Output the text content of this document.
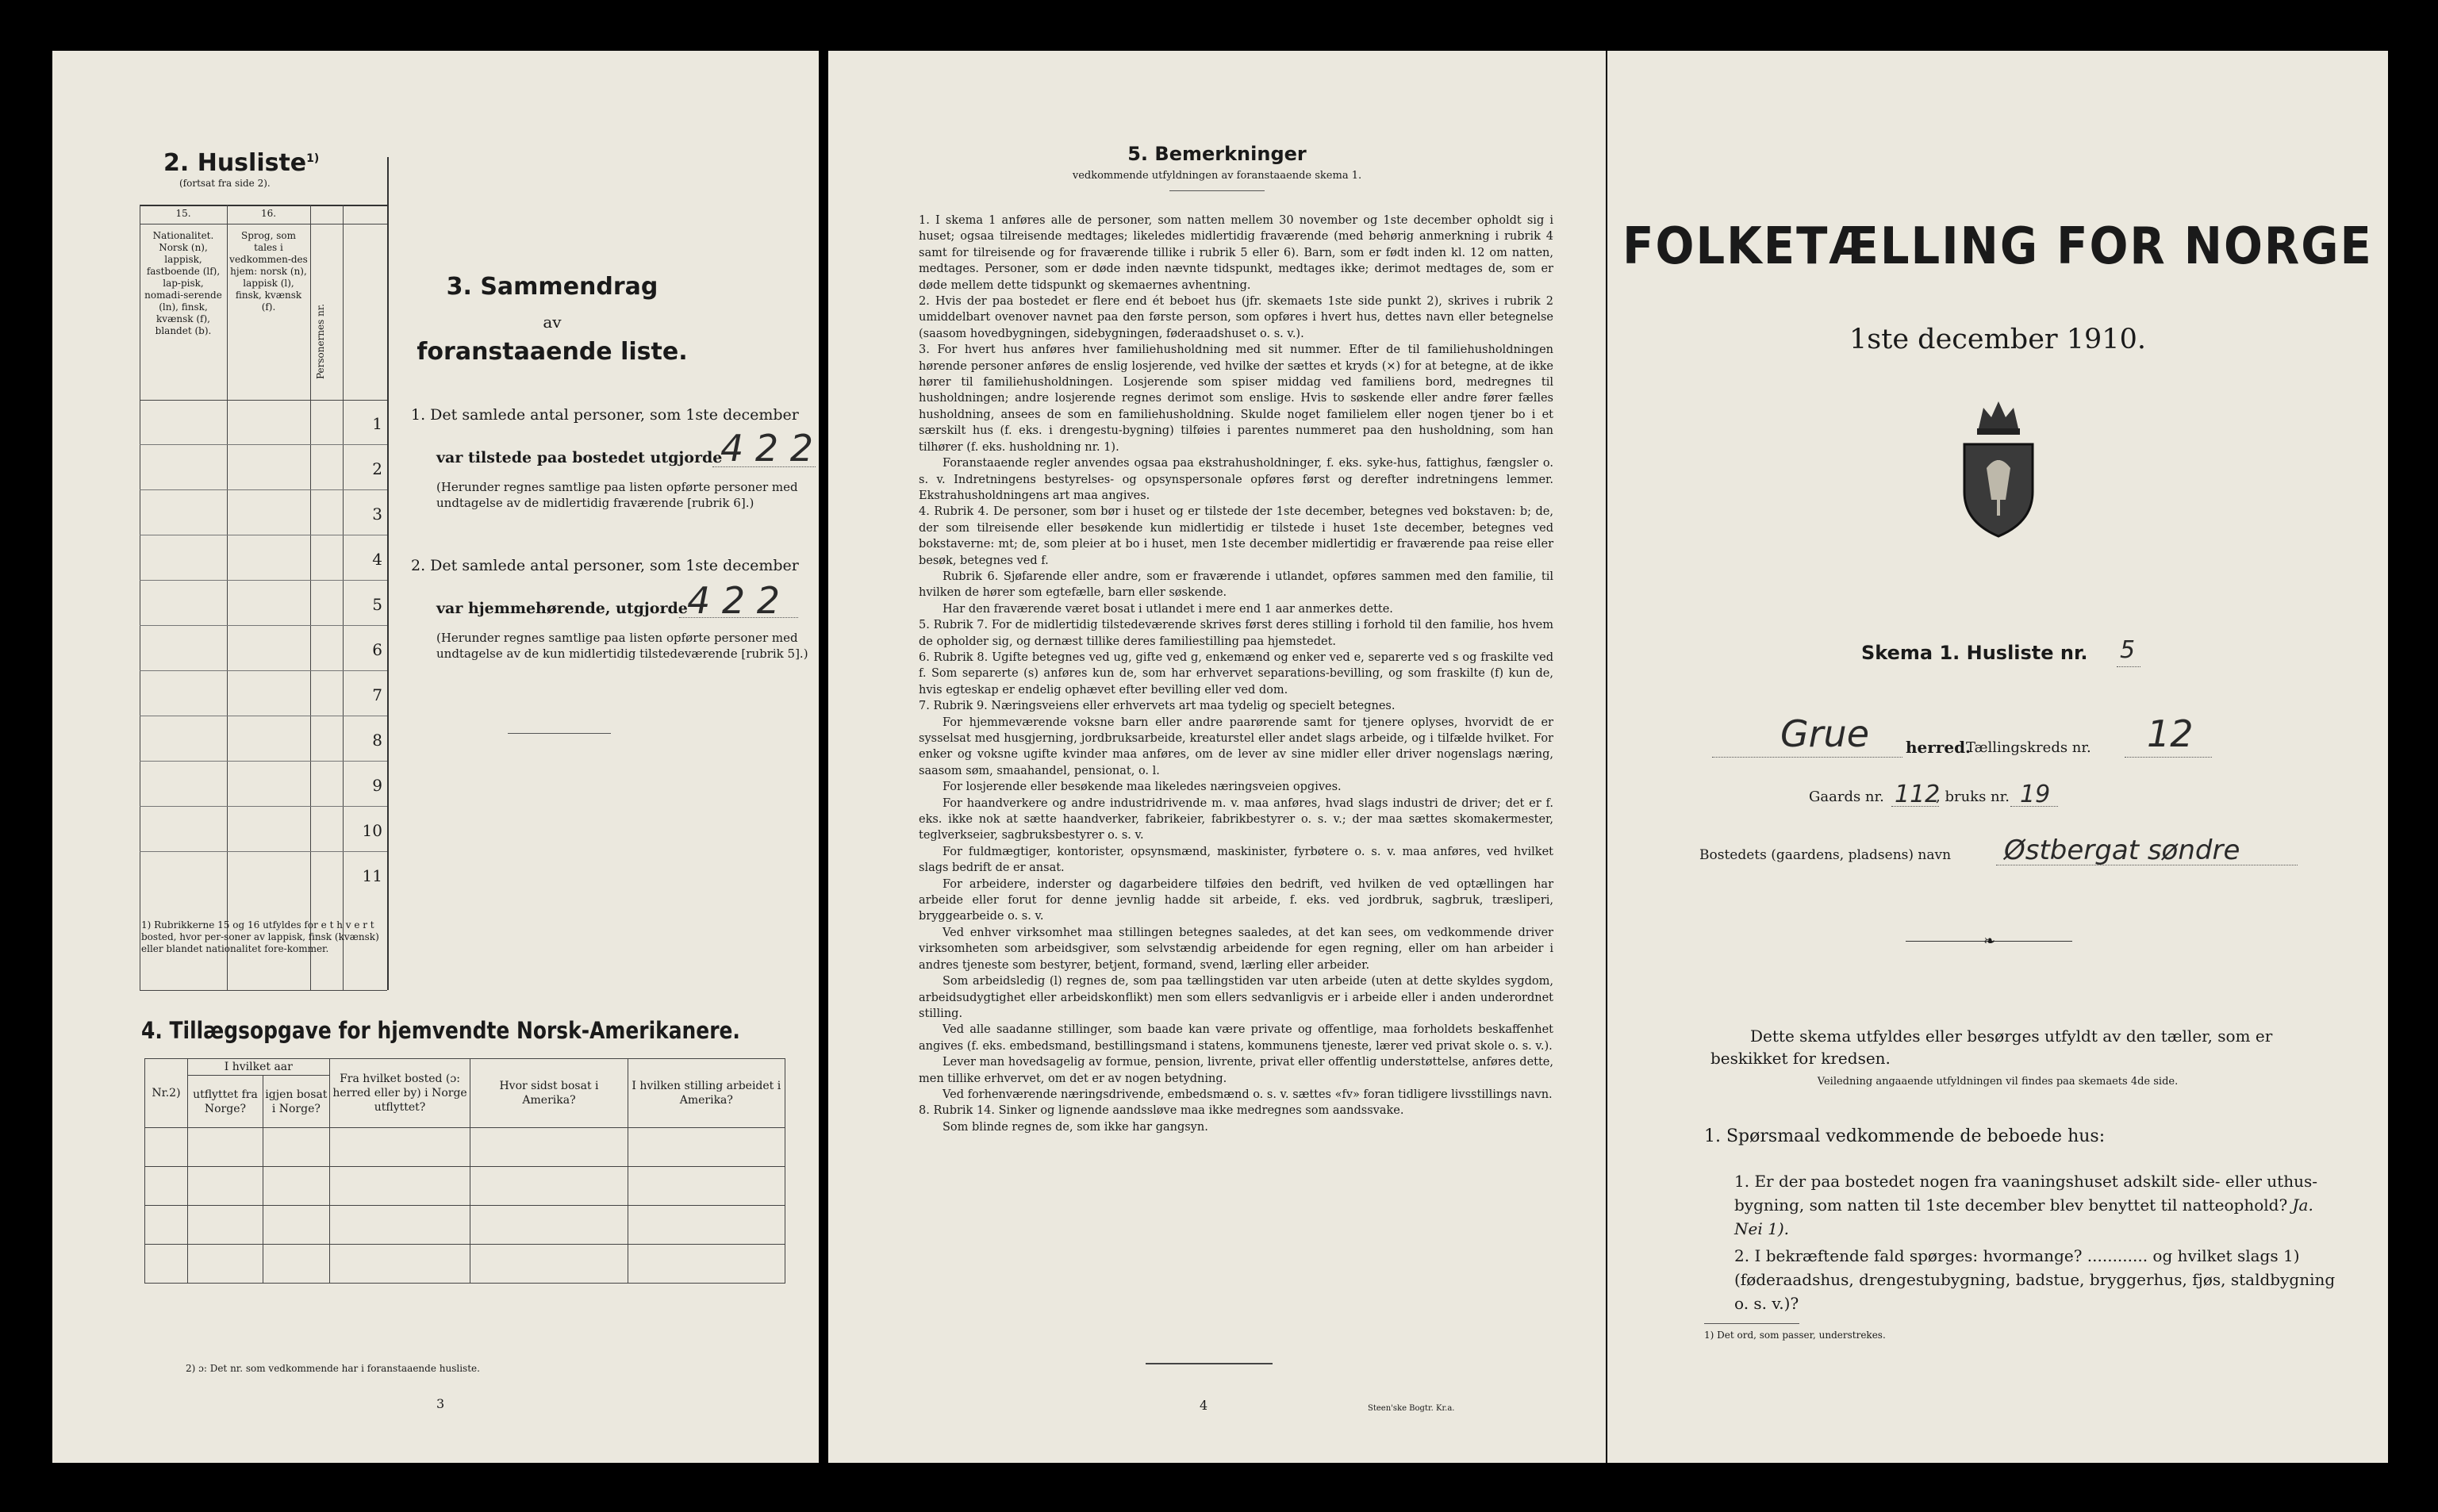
2. Husliste$^{1)}$
(fortsat fra side 2).
15.	16.
Nationalitet. Norsk (n), lappisk, fastboende (lf), lap-pisk, nomadi-serende (ln), finsk, kvænsk (f), blandet (b).
Sprog, som tales i vedkommen-des hjem: norsk (n), lappisk (l), finsk, kvænsk (f).	Personernes nr.
1
2
3
4
5
6
7
8
9
10
11
1) Rubrikkerne 15 og 16 utfyldes for e t h v e r t bosted, hvor per-soner av lappisk, finsk (kvænsk) eller blandet nationalitet fore-kommer.
3. Sammendrag
av
foranstaaende liste.
1. Det samlede antal personer, som 1ste december
var tilstede paa bostedet utgjorde
4 2 2
(Herunder regnes samtlige paa listen opførte personer med undtagelse av de midlertidig fraværende [rubrik 6].)
2. Det samlede antal personer, som 1ste december
var hjemmehørende, utgjorde 4 2 2
(Herunder regnes samtlige paa listen opførte personer med undtagelse av de kun midlertidig tilstedeværende [rubrik 5].)
4. Tillægsopgave for hjemvendte Norsk-Amerikanere.
Nr.2)	I hvilket aar		Fra hvilket bosted (ɔ: herred eller by) i Norge utflyttet?	Hvor sidst bosat i Amerika?	I hvilken stilling arbeidet i Amerika?
	utflyttet fra Norge?	igjen bosat i Norge?			

2) ɔ: Det nr. som vedkommende har i foranstaaende husliste.
3
5. Bemerkninger
vedkommende utfyldningen av foranstaaende skema 1.

1. I skema 1 anføres alle de personer, som natten mellem 30 november og 1ste december opholdt sig i huset; ogsaa tilreisende medtages; likeledes midlertidig fraværende (med behørig anmerkning i rubrik 4 samt for tilreisende og for fraværende tillike i rubrik 5 eller 6). Barn, som er født inden kl. 12 om natten, medtages. Personer, som er døde inden nævnte tidspunkt, medtages ikke; derimot medtages de, som er døde mellem dette tidspunkt og skemaernes avhentning.

2. Hvis der paa bostedet er flere end ét beboet hus (jfr. skemaets 1ste side punkt 2), skrives i rubrik 2 umiddelbart ovenover navnet paa den første person, som opføres i hvert hus, dettes navn eller betegnelse (saasom hovedbygningen, sidebygningen, føderaadshuset o. s. v.).

3. For hvert hus anføres hver familiehusholdning med sit nummer. Efter de til familiehusholdningen hørende personer anføres de enslig losjerende, ved hvilke der sættes et kryds (×) for at betegne, at de ikke hører til familiehusholdningen. Losjerende som spiser middag ved familiens bord, medregnes til husholdningen; andre losjerende regnes derimot som enslige. Hvis to søskende eller andre fører fælles husholdning, ansees de som en familiehusholdning. Skulde noget familielem eller nogen tjener bo i et særskilt hus (f. eks. i drengestu-bygning) tilføies i parentes nummeret paa den husholdning, som han tilhører (f. eks. husholdning nr. 1).

Foranstaaende regler anvendes ogsaa paa ekstrahusholdninger, f. eks. syke-hus, fattighus, fængsler o. s. v. Indretningens bestyrelses- og opsynspersonale opføres først og derefter indretningens lemmer. Ekstrahusholdningens art maa angives.

4. Rubrik 4. De personer, som bør i huset og er tilstede der 1ste december, betegnes ved bokstaven: b; de, der som tilreisende eller besøkende kun midlertidig er tilstede i huset 1ste december, betegnes ved bokstaverne: mt; de, som pleier at bo i huset, men 1ste december midlertidig er fraværende paa reise eller besøk, betegnes ved f.

Rubrik 6. Sjøfarende eller andre, som er fraværende i utlandet, opføres sammen med den familie, til hvilken de hører som egtefælle, barn eller søskende.

Har den fraværende været bosat i utlandet i mere end 1 aar anmerkes dette.

5. Rubrik 7. For de midlertidig tilstedeværende skrives først deres stilling i forhold til den familie, hos hvem de opholder sig, og dernæst tillike deres familiestilling paa hjemstedet.

6. Rubrik 8. Ugifte betegnes ved ug, gifte ved g, enkemænd og enker ved e, separerte ved s og fraskilte ved f. Som separerte (s) anføres kun de, som har erhvervet separations-bevilling, og som fraskilte (f) kun de, hvis egteskap er endelig ophævet efter bevilling eller ved dom.

7. Rubrik 9. Næringsveiens eller erhvervets art maa tydelig og specielt betegnes.

For hjemmeværende voksne barn eller andre paarørende samt for tjenere oplyses, hvorvidt de er sysselsat med husgjerning, jordbruksarbeide, kreaturstel eller andet slags arbeide, og i tilfælde hvilket. For enker og voksne ugifte kvinder maa anføres, om de lever av sine midler eller driver nogenslags næring, saasom søm, smaahandel, pensionat, o. l.

For losjerende eller besøkende maa likeledes næringsveien opgives.

For haandverkere og andre industridrivende m. v. maa anføres, hvad slags industri de driver; det er f. eks. ikke nok at sætte haandverker, fabrikeier, fabrikbestyrer o. s. v.; der maa sættes skomakermester, teglverkseier, sagbruksbestyrer o. s. v.

For fuldmægtiger, kontorister, opsynsmænd, maskinister, fyrbøtere o. s. v. maa anføres, ved hvilket slags bedrift de er ansat.

For arbeidere, inderster og dagarbeidere tilføies den bedrift, ved hvilken de ved optællingen har arbeide eller forut for denne jevnlig hadde sit arbeide, f. eks. ved jordbruk, sagbruk, træsliperi, bryggearbeide o. s. v.

Ved enhver virksomhet maa stillingen betegnes saaledes, at det kan sees, om vedkommende driver virksomheten som arbeidsgiver, som selvstændig arbeidende for egen regning, eller om han arbeider i andres tjeneste som bestyrer, betjent, formand, svend, lærling eller arbeider.

Som arbeidsledig (l) regnes de, som paa tællingstiden var uten arbeide (uten at dette skyldes sygdom, arbeidsudygtighet eller arbeidskonflikt) men som ellers sedvanligvis er i arbeide eller i anden underordnet stilling.

Ved alle saadanne stillinger, som baade kan være private og offentlige, maa forholdets beskaffenhet angives (f. eks. embedsmand, bestillingsmand i statens, kommunens tjeneste, lærer ved privat skole o. s. v.).

Lever man hovedsagelig av formue, pension, livrente, privat eller offentlig understøttelse, anføres dette, men tillike erhvervet, om det er av nogen betydning.

Ved forhenværende næringsdrivende, embedsmænd o. s. v. sættes «fv» foran tidligere livsstillings navn.

8. Rubrik 14. Sinker og lignende aandssløve maa ikke medregnes som aandssvake.

Som blinde regnes de, som ikke har gangsyn.

4	Steen'ske Bogtr. Kr.a.
FOLKETÆLLING FOR NORGE
1ste december 1910.
Skema 1. Husliste nr. 5
Grue herred.
Tællingskreds nr. 12
Gaards nr. 112
, bruks nr. 19
Bostedets (gaardens, pladsens) navn Østbergat søndre
❧
Dette skema utfyldes eller besørges utfyldt av den tæller, som er beskikket for kredsen.
Veiledning angaaende utfyldningen vil findes paa skemaets 4de side.
1. Spørsmaal vedkommende de beboede hus:
1. Er der paa bostedet nogen fra vaaningshuset adskilt side- eller uthus-bygning, som natten til 1ste december blev benyttet til natteophold? Ja. Nei 1).
2. I bekræftende fald spørges: hvormange? ............ og hvilket slags 1) (føderaadshus, drengestubygning, badstue, bryggerhus, fjøs, staldbygning o. s. v.)?
1) Det ord, som passer, understrekes.
